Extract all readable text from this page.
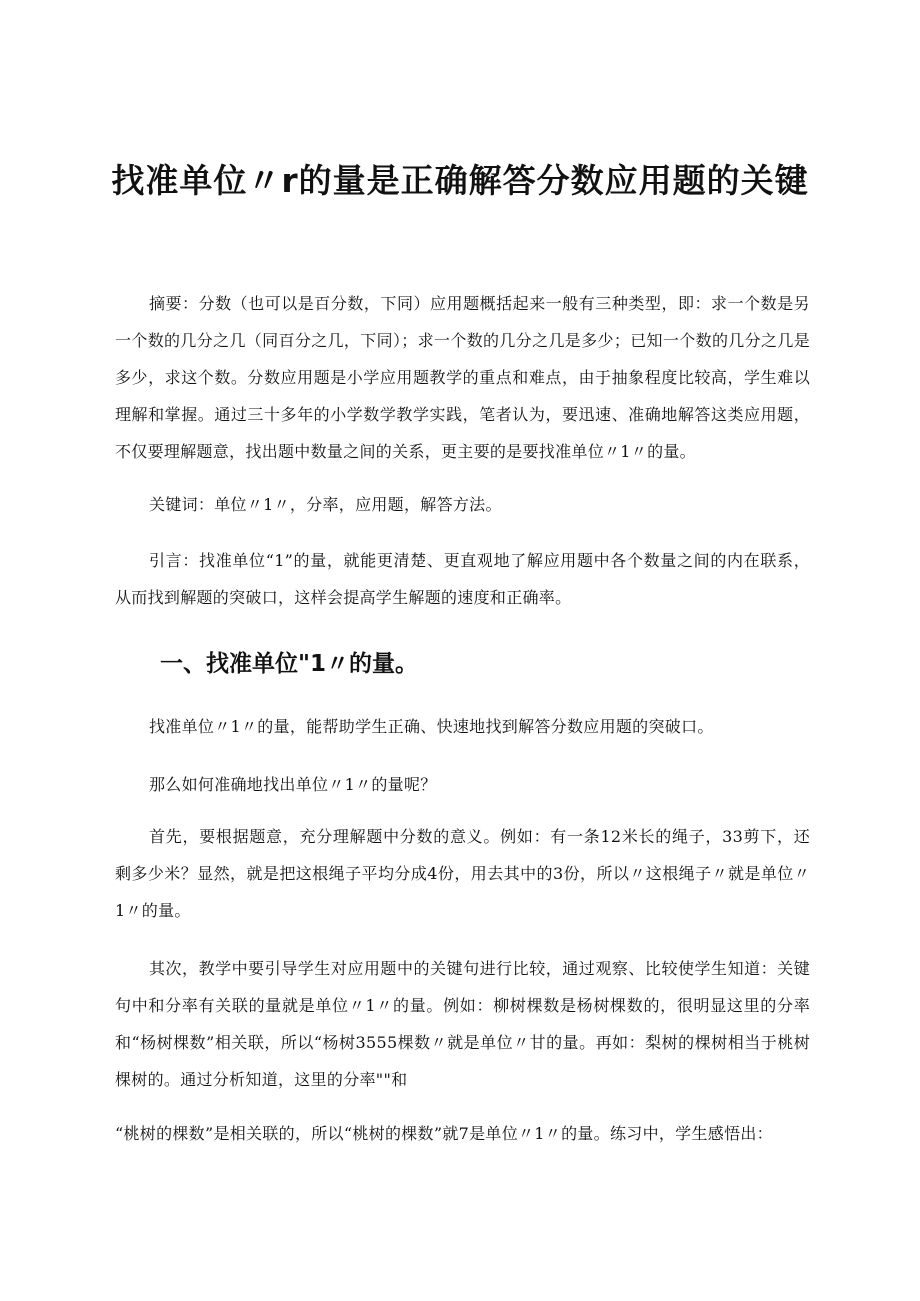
找准单位〃r的量是正确解答分数应用题的关键

摘要：分数（也可以是百分数，下同）应用题概括起来一般有三种类型，即：求一个数是另一个数的几分之几（同百分之几，下同）；求一个数的几分之几是多少；已知一个数的几分之几是多少，求这个数。分数应用题是小学应用题教学的重点和难点，由于抽象程度比较高，学生难以理解和掌握。通过三十多年的小学数学教学实践，笔者认为，要迅速、准确地解答这类应用题，不仅要理解题意，找出题中数量之间的关系，更主要的是要找准单位〃1〃的量。

关键词：单位〃1〃，分率，应用题，解答方法。

引言：找准单位“1”的量，就能更清楚、更直观地了解应用题中各个数量之间的内在联系，从而找到解题的突破口，这样会提高学生解题的速度和正确率。

一、找准单位"1〃的量。

找准单位〃1〃的量，能帮助学生正确、快速地找到解答分数应用题的突破口。

那么如何准确地找出单位〃1〃的量呢？

首先，要根据题意，充分理解题中分数的意义。例如：有一条12米长的绳子，33剪下，还剩多少米？显然，就是把这根绳子平均分成4份，用去其中的3份，所以〃这根绳子〃就是单位〃1〃的量。

其次，教学中要引导学生对应用题中的关键句进行比较，通过观察、比较使学生知道：关键句中和分率有关联的量就是单位〃1〃的量。例如：柳树棵数是杨树棵数的，很明显这里的分率和“杨树棵数”相关联，所以“杨树3555棵数〃就是单位〃甘的量。再如：梨树的棵树相当于桃树棵树的。通过分析知道，这里的分率""和

“桃树的棵数”是相关联的，所以“桃树的棵数”就7是单位〃1〃的量。练习中，学生感悟出：
